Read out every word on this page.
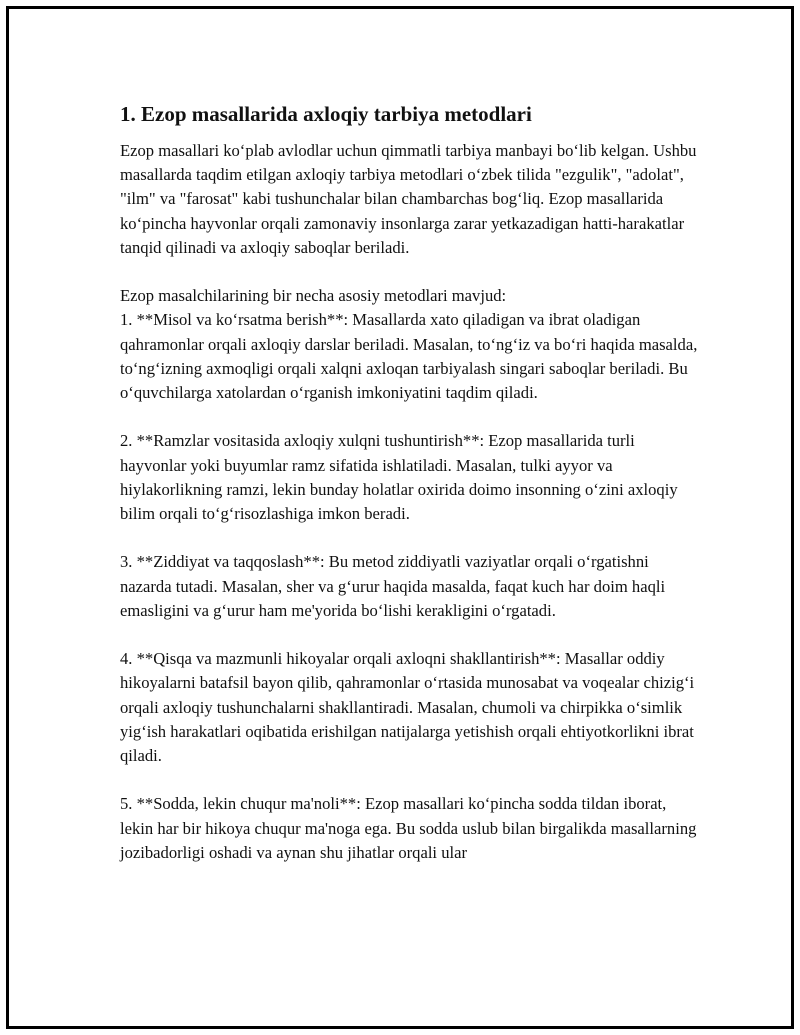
1. Ezop masallarida axloqiy tarbiya metodlari

Ezop masallari ko‘plab avlodlar uchun qimmatli tarbiya manbayi bo‘lib kelgan. Ushbu masallarda taqdim etilgan axloqiy tarbiya metodlari o‘zbek tilida "ezgulik", "adolat", "ilm" va "farosat" kabi tushunchalar bilan chambarchas bog‘liq. Ezop masallarida ko‘pincha hayvonlar orqali zamonaviy insonlarga zarar yetkazadigan hatti-harakatlar tanqid qilinadi va axloqiy saboqlar beriladi.

Ezop masalchilarining bir necha asosiy metodlari mavjud:
1. **Misol va ko‘rsatma berish**: Masallarda xato qiladigan va ibrat oladigan qahramonlar orqali axloqiy darslar beriladi. Masalan, to‘ng‘iz va bo‘ri haqida masalda, to‘ng‘izning axmoqligi orqali xalqni axloqan tarbiyalash singari saboqlar beriladi. Bu o‘quvchilarga xatolardan o‘rganish imkoniyatini taqdim qiladi.

2. **Ramzlar vositasida axloqiy xulqni tushuntirish**: Ezop masallarida turli hayvonlar yoki buyumlar ramz sifatida ishlatiladi. Masalan, tulki ayyor va hiylakorlikning ramzi, lekin bunday holatlar oxirida doimo insonning o‘zini axloqiy bilim orqali to‘g‘risozlashiga imkon beradi.

3. **Ziddiyat va taqqoslash**: Bu metod ziddiyatli vaziyatlar orqali o‘rgatishni nazarda tutadi. Masalan, sher va g‘urur haqida masalda, faqat kuch har doim haqli emasligini va g‘urur ham me'yorida bo‘lishi kerakligini o‘rgatadi.

4. **Qisqa va mazmunli hikoyalar orqali axloqni shakllantirish**: Masallar oddiy hikoyalarni batafsil bayon qilib, qahramonlar o‘rtasida munosabat va voqealar chizig‘i orqali axloqiy tushunchalarni shakllantiradi. Masalan, chumoli va chirpikka o‘simlik yig‘ish harakatlari oqibatida erishilgan natijalarga yetishish orqali ehtiyotkorlikni ibrat qiladi.

5. **Sodda, lekin chuqur ma'noli**: Ezop masallari ko‘pincha sodda tildan iborat, lekin har bir hikoya chuqur ma'noga ega. Bu sodda uslub bilan birgalikda masallarning jozibadorligi oshadi va aynan shu jihatlar orqali ular
